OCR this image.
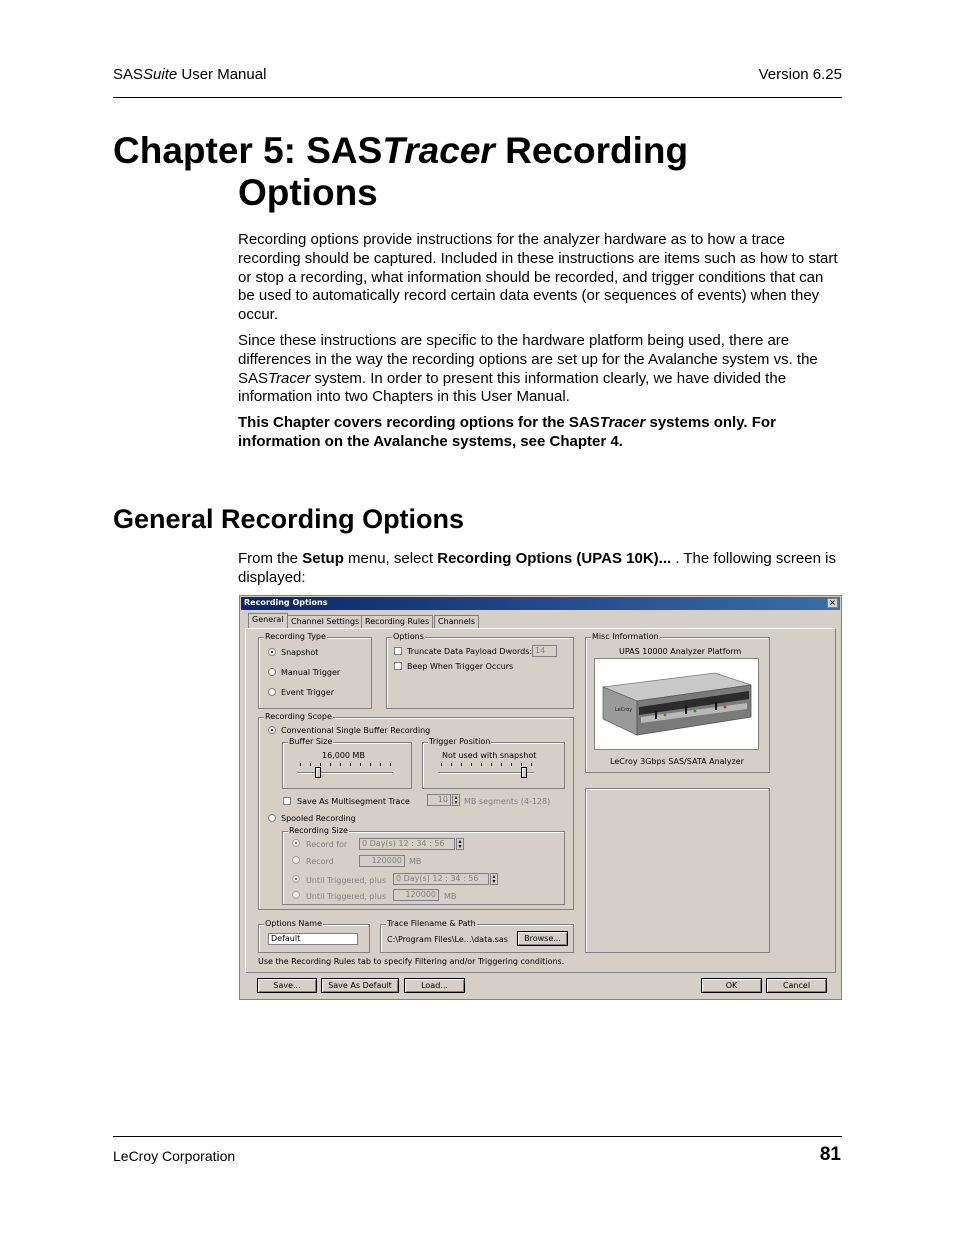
SASSuite User Manual	Version 6.25
Chapter 5: SASTracer Recording
Options

Recording options provide instructions for the analyzer hardware as to how a trace recording should be captured. Included in these instructions are items such as how to start or stop a recording, what information should be recorded, and trigger conditions that can be used to automatically record certain data events (or sequences of events) when they occur.

Since these instructions are specific to the hardware platform being used, there are differences in the way the recording options are set up for the Avalanche system vs. the SASTracer system. In order to present this information clearly, we have divided the information into two Chapters in this User Manual.

This Chapter covers recording options for the SASTracer systems only. For information on the Avalanche systems, see Chapter 4.

General Recording Options

From the Setup menu, select Recording Options (UPAS 10K)... . The following screen is displayed:

Recording Options	×
General Channel Settings Recording Rules	Channels
Recording Type
Snapshot
Manual Trigger
Event Trigger
Options
Truncate Data Payload Dwords: 14
Beep When Trigger Occurs
Misc Information
UPAS 10000 Analyzer Platform
LeCroy
LeCroy 3Gbps SAS/SATA Analyzer
Recording Scope
Conventional Single Buffer Recording
Buffer Size
16,000 MB
Trigger Position
Not used with snapshot
Save As Multisegment Trace	10	▴
▾ MB segments (4-128)
Spooled Recording
Recording Size
Record for	0 Day(s) 12 : 34 : 56	▴
▾
Record	120000 MB
Until Triggered, plus	0 Day(s) 12 : 34 : 56	▴
▾
Until Triggered, plus	120000	MB
Options Name
Default
Trace Filename & Path
C:\Program Files\Le...\data.sas	Browse...
Use the Recording Rules tab to specify Filtering and/or Triggering conditions.
Save...	Save As Default	Load...	OK	Cancel
LeCroy Corporation	81
